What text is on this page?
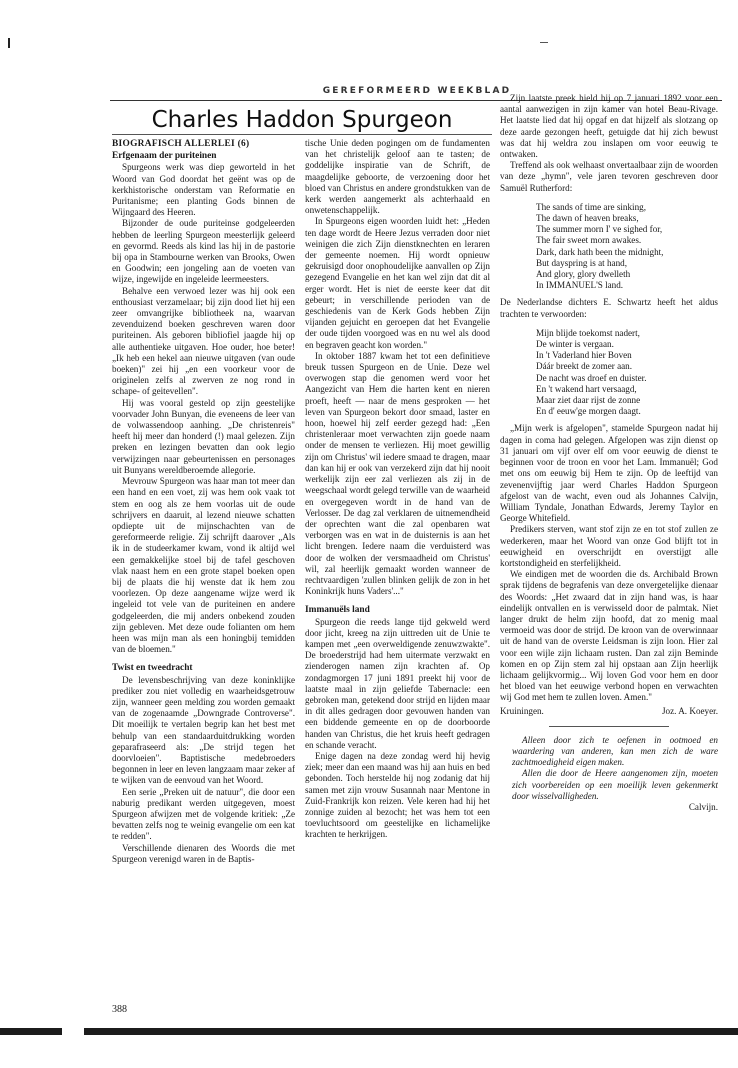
GEREFORMEERD WEEKBLAD
Charles Haddon Spurgeon
BIOGRAFISCH ALLERLEI (6)
Erfgenaam der puriteinen

Spurgeons werk was diep geworteld in het Woord van God doordat het geënt was op de kerkhistorische onderstam van Reformatie en Puritanisme; een planting Gods binnen de Wijngaard des Heeren.

Bijzonder de oude puriteinse godgeleerden hebben de leerling Spurgeon meesterlijk geleerd en gevormd. Reeds als kind las hij in de pastorie bij opa in Stambourne werken van Brooks, Owen en Goodwin; een jongeling aan de voeten van wijze, ingewijde en ingeleide leermeesters.

Behalve een verwoed lezer was hij ook een enthousiast verzamelaar; bij zijn dood liet hij een zeer omvangrijke bibliotheek na, waarvan zevenduizend boeken geschreven waren door puriteinen. Als geboren bibliofiel jaagde hij op alle authentieke uitgaven. Hoe ouder, hoe beter! „Ik heb een hekel aan nieuwe uitgaven (van oude boeken)" zei hij „en een voorkeur voor de originelen zelfs al zwerven ze nog rond in schape- of geitevellen".

Hij was vooral gesteld op zijn geestelijke voorvader John Bunyan, die eveneens de leer van de volwassendoop aanhing. „De christenreis" heeft hij meer dan honderd (!) maal gelezen. Zijn preken en lezingen bevatten dan ook legio verwijzingen naar gebeurtenissen en personages uit Bunyans wereldberoemde allegorie.

Mevrouw Spurgeon was haar man tot meer dan een hand en een voet, zij was hem ook vaak tot stem en oog als ze hem voorlas uit de oude schrijvers en daaruit, al lezend nieuwe schatten opdiepte uit de mijnschachten van de gereformeerde religie. Zij schrijft daarover „Als ik in de studeerkamer kwam, vond ik altijd wel een gemakkelijke stoel bij de tafel geschoven vlak naast hem en een grote stapel boeken open bij de plaats die hij wenste dat ik hem zou voorlezen. Op deze aangename wijze werd ik ingeleid tot vele van de puriteinen en andere godgeleerden, die mij anders onbekend zouden zijn gebleven. Met deze oude folianten om hem heen was mijn man als een honingbij temidden van de bloemen."

Twist en tweedracht

De levensbeschrijving van deze koninklijke prediker zou niet volledig en waarheidsgetrouw zijn, wanneer geen melding zou worden gemaakt van de zogenaamde „Downgrade Controverse". Dit moeilijk te vertalen begrip kan het best met behulp van een standaarduitdrukking worden geparafraseerd als: „De strijd tegen het doorvloeien". Baptistische medebroeders begonnen in leer en leven langzaam maar zeker af te wijken van de eenvoud van het Woord.

Een serie „Preken uit de natuur", die door een naburig predikant werden uitgegeven, moest Spurgeon afwijzen met de volgende kritiek: „Ze bevatten zelfs nog te weinig evangelie om een kat te redden".

Verschillende dienaren des Woords die met Spurgeon verenigd waren in de Baptis-

tische Unie deden pogingen om de fundamenten van het christelijk geloof aan te tasten; de goddelijke inspiratie van de Schrift, de maagdelijke geboorte, de verzoening door het bloed van Christus en andere grondstukken van de kerk werden aangemerkt als achterhaald en onwetenschappelijk.

In Spurgeons eigen woorden luidt het: „Heden ten dage wordt de Heere Jezus verraden door niet weinigen die zich Zijn dienstknechten en leraren der gemeente noemen. Hij wordt opnieuw gekruisigd door onophoudelijke aanvallen op Zijn gezegend Evangelie en het kan wel zijn dat dit al erger wordt. Het is niet de eerste keer dat dit gebeurt; in verschillende perioden van de geschiedenis van de Kerk Gods hebben Zijn vijanden gejuicht en geroepen dat het Evangelie der oude tijden voorgoed was en nu wel als dood en begraven geacht kon worden."

In oktober 1887 kwam het tot een definitieve breuk tussen Spurgeon en de Unie. Deze wel overwogen stap die genomen werd voor het Aangezicht van Hem die harten kent en nieren proeft, heeft — naar de mens gesproken — het leven van Spurgeon bekort door smaad, laster en hoon, hoewel hij zelf eerder gezegd had: „Een christenleraar moet verwachten zijn goede naam onder de mensen te verliezen. Hij moet gewillig zijn om Christus' wil iedere smaad te dragen, maar dan kan hij er ook van verzekerd zijn dat hij nooit werkelijk zijn eer zal verliezen als zij in de weegschaal wordt gelegd terwille van de waarheid en overgegeven wordt in de hand van de Verlosser. De dag zal verklaren de uitnemendheid der oprechten want die zal openbaren wat verborgen was en wat in de duisternis is aan het licht brengen. Iedere naam die verduisterd was door de wolken der versmaadheid om Christus' wil, zal heerlijk gemaakt worden wanneer de rechtvaardigen 'zullen blinken gelijk de zon in het Koninkrijk huns Vaders'..."

Immanuëls land

Spurgeon die reeds lange tijd gekweld werd door jicht, kreeg na zijn uittreden uit de Unie te kampen met „een overweldigende zenuwzwakte". De broederstrijd had hem uitermate verzwakt en zienderogen namen zijn krachten af. Op zondagmorgen 17 juni 1891 preekt hij voor de laatste maal in zijn geliefde Tabernacle: een gebroken man, getekend door strijd en lijden maar in dit alles gedragen door gevouwen handen van een biddende gemeente en op de doorboorde handen van Christus, die het kruis heeft gedragen en schande veracht.

Enige dagen na deze zondag werd hij hevig ziek; meer dan een maand was hij aan huis en bed gebonden. Toch herstelde hij nog zodanig dat hij samen met zijn vrouw Susannah naar Mentone in Zuid-Frankrijk kon reizen. Vele keren had hij het zonnige zuiden al bezocht; het was hem tot een toevluchtsoord om geestelijke en lichamelijke krachten te herkrijgen.

Zijn laatste preek hield hij op 7 januari 1892 voor een aantal aanwezigen in zijn kamer van hotel Beau-Rivage. Het laatste lied dat hij opgaf en dat hijzelf als slotzang op deze aarde gezongen heeft, getuigde dat hij zich bewust was dat hij weldra zou inslapen om voor eeuwig te ontwaken.

Treffend als ook welhaast onvertaalbaar zijn de woorden van deze „hymn", vele jaren tevoren geschreven door Samuël Rutherford:

The sands of time are sinking,
The dawn of heaven breaks,
The summer morn I' ve sighed for,
The fair sweet morn awakes.
Dark, dark hath been the midnight,
But dayspring is at hand,
And glory, glory dwelleth
In IMMANUEL'S land.

De Nederlandse dichters E. Schwartz heeft het aldus trachten te verwoorden:

Mijn blijde toekomst nadert,
De winter is vergaan.
In 't Vaderland hier Boven
Dáár breekt de zomer aan.
De nacht was droef en duister.
En 't wakend hart versaagd,
Maar ziet daar rijst de zonne
En d' eeuw'ge morgen daagt.

„Mijn werk is afgelopen", stamelde Spurgeon nadat hij dagen in coma had gelegen. Afgelopen was zijn dienst op 31 januari om vijf over elf om voor eeuwig de dienst te beginnen voor de troon en voor het Lam. Immanuël; God met ons om eeuwig bij Hem te zijn. Op de leeftijd van zevenenvijftig jaar werd Charles Haddon Spurgeon afgelost van de wacht, even oud als Johannes Calvijn, William Tyndale, Jonathan Edwards, Jeremy Taylor en George Whitefield.

Predikers sterven, want stof zijn ze en tot stof zullen ze wederkeren, maar het Woord van onze God blijft tot in eeuwigheid en overschrijdt en overstijgt alle kortstondigheid en sterfelijkheid.

We eindigen met de woorden die ds. Archibald Brown sprak tijdens de begrafenis van deze onvergetelijke dienaar des Woords: „Het zwaard dat in zijn hand was, is haar eindelijk ontvallen en is verwisseld door de palmtak. Niet langer drukt de helm zijn hoofd, dat zo menig maal vermoeid was door de strijd. De kroon van de overwinnaar uit de hand van de overste Leidsman is zijn loon. Hier zal voor een wijle zijn lichaam rusten. Dan zal zijn Beminde komen en op Zijn stem zal hij opstaan aan Zijn heerlijk lichaam gelijkvormig... Wij loven God voor hem en door het bloed van het eeuwige verbond hopen en verwachten wij God met hem te zullen loven. Amen."

Kruiningen.	Joz. A. Koeyer.

Alleen door zich te oefenen in ootmoed en waardering van anderen, kan men zich de ware zachtmoedigheid eigen maken.

Allen die door de Heere aangenomen zijn, moeten zich voorbereiden op een moeilijk leven gekenmerkt door wisselvalligheden.

Calvijn.
388
